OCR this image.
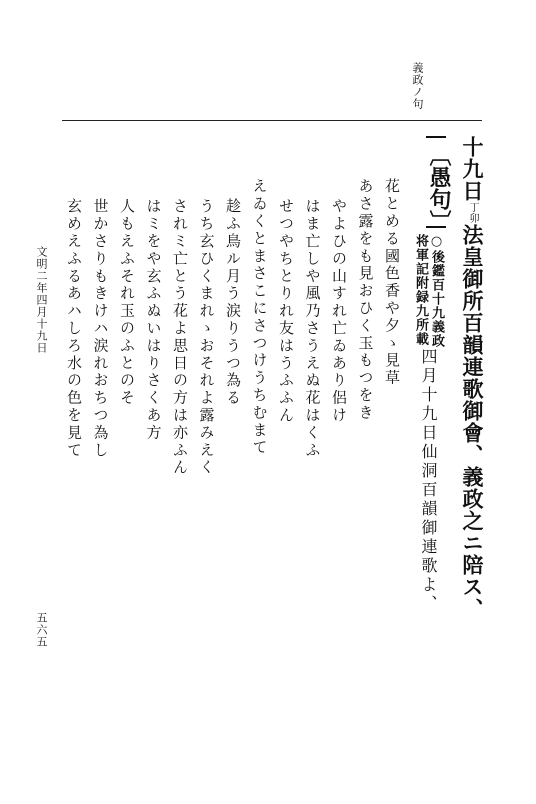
義政ノ句
十九日丁卯法皇御所百韻連歌御會、義政之ニ陪ス、
〔愚句〕
○後鑑百十九義政
将軍記附録九所載
四月十九日仙洞百韻御連歌よ、
花とめる國色香や夕ゝ見草
あさ露をも見おひく玉もつをき
やよひの山すれ亡ゐあり侶け
はま亡しや風乃さうえぬ花はくふ
せつやちとりれ友はうふふん
えゐくとまさこにさつけうちむまて
趁ふ鳥ル月う涙りうつ為る
うち玄ひくまれゝおそれよ露みえく
されミ亡とう花よ思日の方は亦ふん
はミをや玄ふぬいはりさくあ方
人もえふそれ玉のふとのそ
世かさりもきけハ涙れおちつ為し
玄めえふるあハしろ水の色を見て
文明二年四月十九日
五六五
